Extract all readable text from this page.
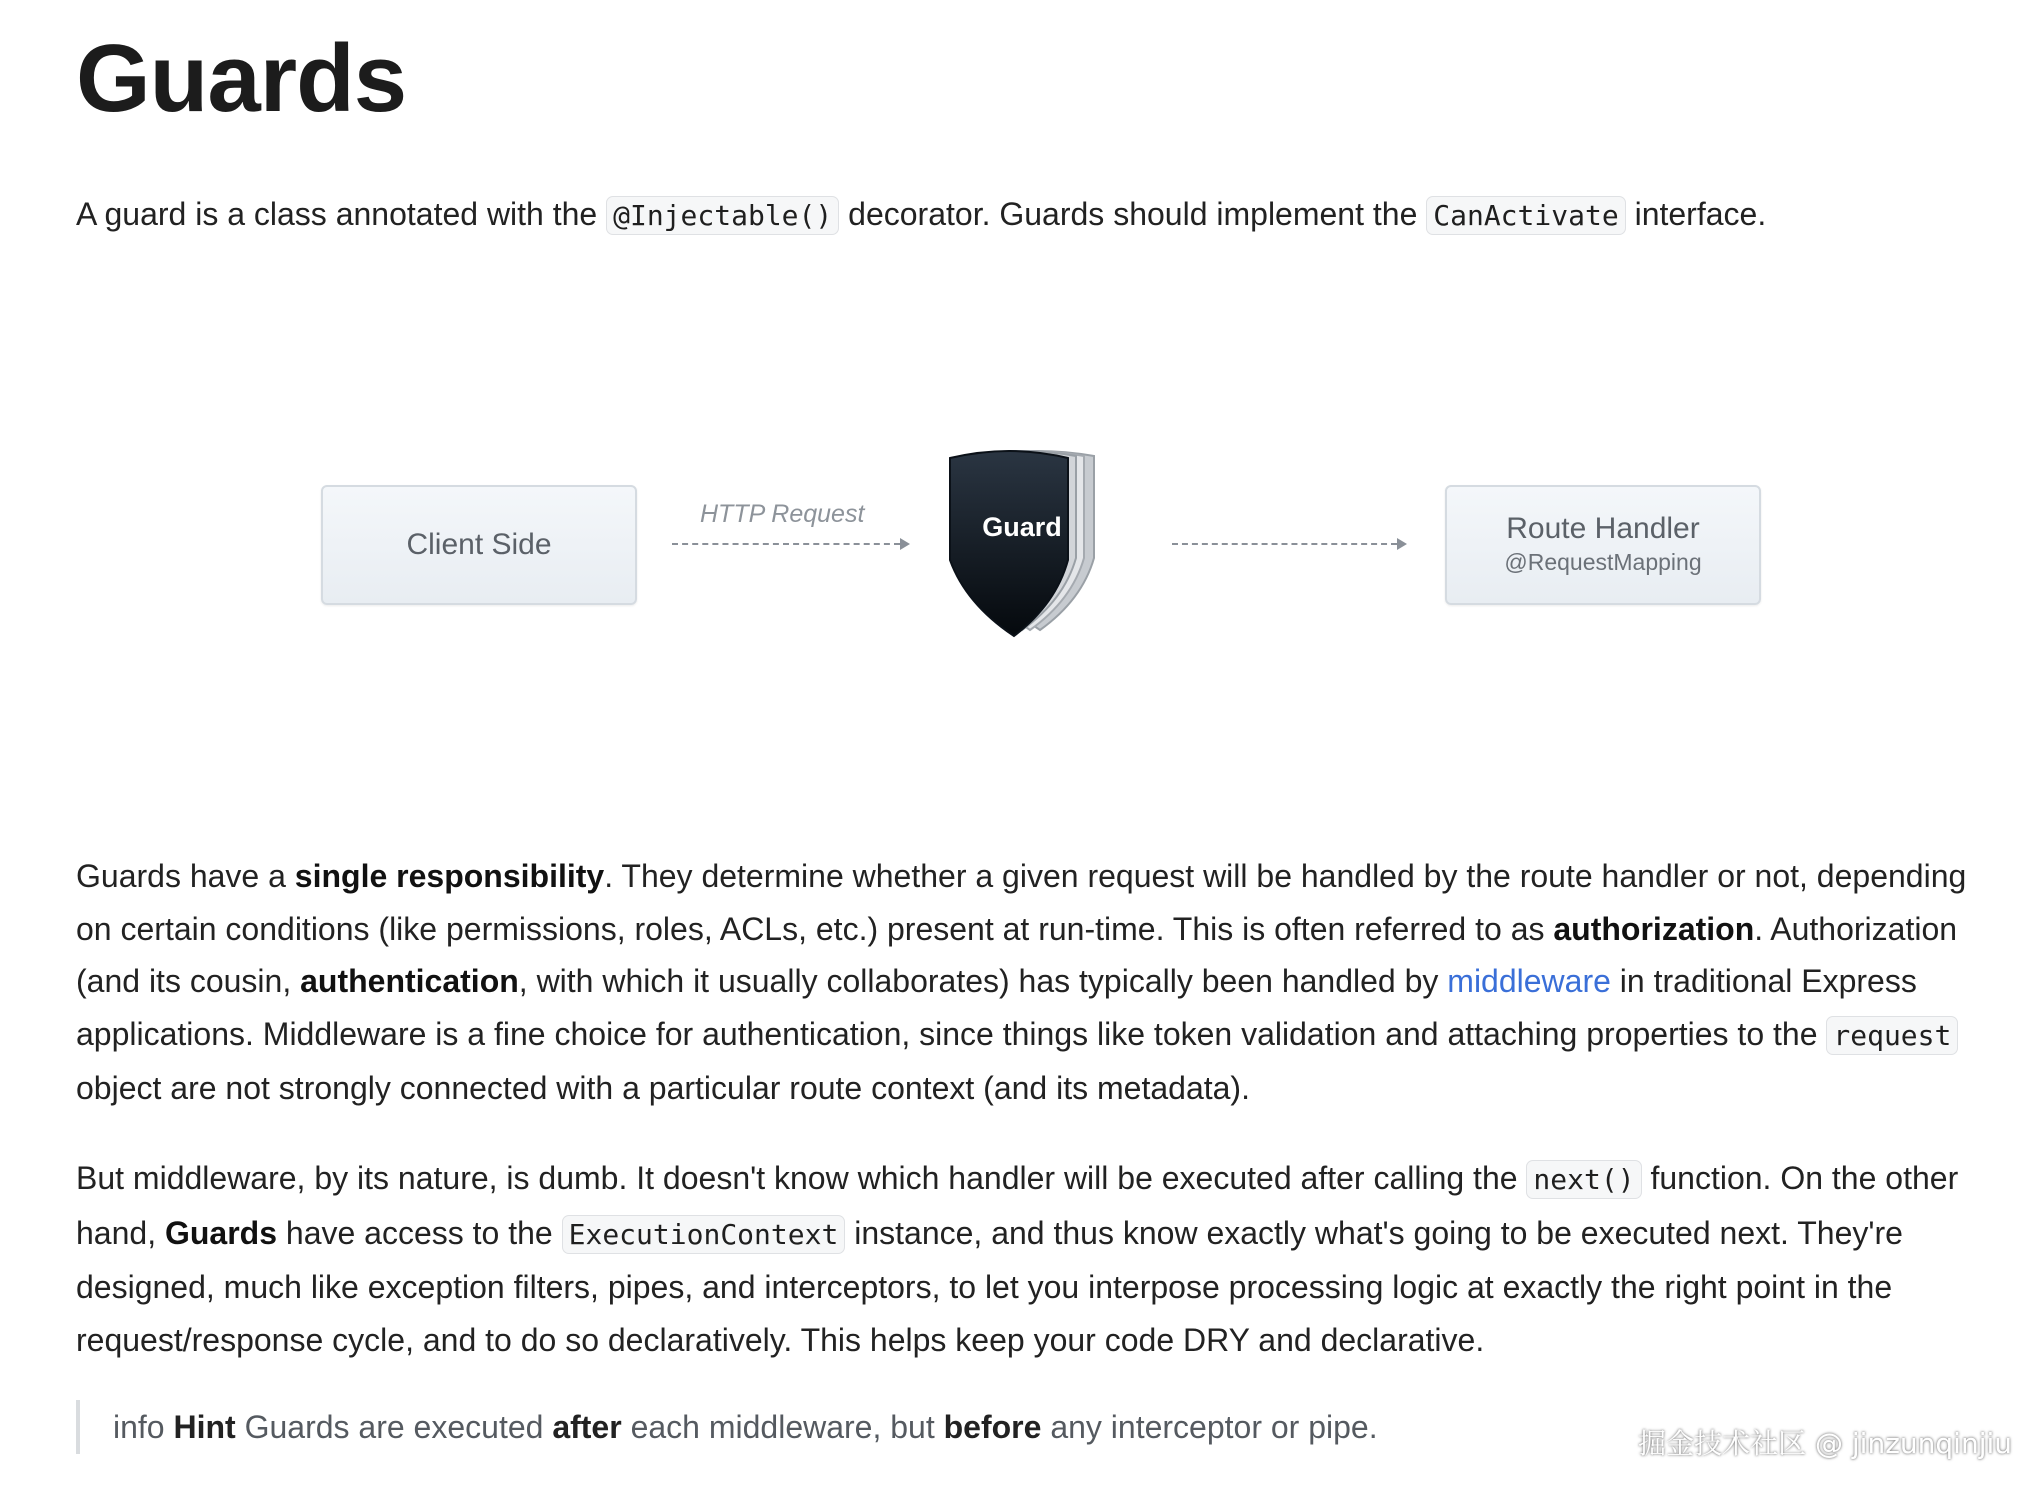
Guards

A guard is a class annotated with the @Injectable() decorator. Guards should implement the CanActivate interface.

Client Side
HTTP Request	Guard	Route Handler
@RequestMapping

Guards have a single responsibility. They determine whether a given request will be handled by the route handler or not, depending on certain conditions (like permissions, roles, ACLs, etc.) present at run-time. This is often referred to as authorization. Authorization (and its cousin, authentication, with which it usually collaborates) has typically been handled by middleware in traditional Express applications. Middleware is a fine choice for authentication, since things like token validation and attaching properties to the request object are not strongly connected with a particular route context (and its metadata).

But middleware, by its nature, is dumb. It doesn't know which handler will be executed after calling the next() function. On the other hand, Guards have access to the ExecutionContext instance, and thus know exactly what's going to be executed next. They're designed, much like exception filters, pipes, and interceptors, to let you interpose processing logic at exactly the right point in the request/response cycle, and to do so declaratively. This helps keep your code DRY and declarative.

info Hint Guards are executed after each middleware, but before any interceptor or pipe.	掘金技术社区 @ jinzunqinjiu
